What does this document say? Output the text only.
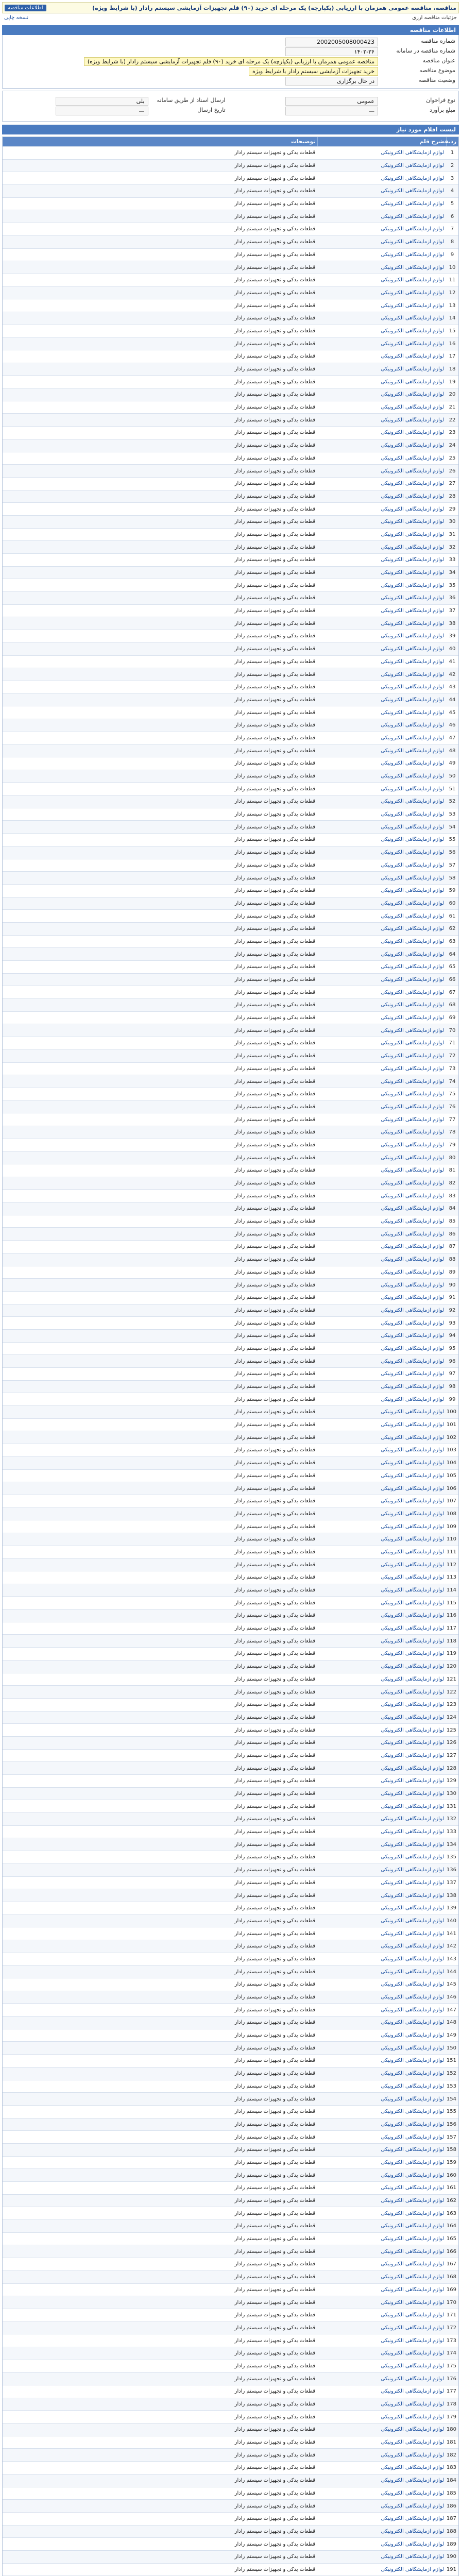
مناقصه، مناقصه عمومی همزمان با ارزیابی (یکپارچه) یک مرحله ای خرید (۹۰) قلم تجهیزات آزمایشی سیستم رادار (با شرایط ویژه)
اطلاعات مناقصه
جزئیات مناقصه ارزی
نسخه چاپی
اطلاعات مناقصه
شماره مناقصه
2002005008000423
شماره مناقصه در سامانه
۱۴۰۲-۳۶
عنوان مناقصه
مناقصه عمومی همزمان با ارزیابی (یکپارچه) یک مرحله ای خرید (۹۰) قلم تجهیزات آزمایشی سیستم رادار (با شرایط ویژه)
موضوع مناقصه
خرید تجهیزات آزمایشی سیستم رادار با شرایط ویژه
وضعیت مناقصه
در حال برگزاری
نوع فراخوان
عمومی
مبلغ برآورد
—
ارسال اسناد از طریق سامانه
بلی
تاریخ ارسال
—
لیست اقلام مورد نیاز
ردیف
شرح قلم
توضیحات
1
لوازم آزمایشگاهی الکترونیکی
قطعات یدکی و تجهیزات سیستم رادار
2
لوازم آزمایشگاهی الکترونیکی
قطعات یدکی و تجهیزات سیستم رادار
3
لوازم آزمایشگاهی الکترونیکی
قطعات یدکی و تجهیزات سیستم رادار
4
لوازم آزمایشگاهی الکترونیکی
قطعات یدکی و تجهیزات سیستم رادار
5
لوازم آزمایشگاهی الکترونیکی
قطعات یدکی و تجهیزات سیستم رادار
6
لوازم آزمایشگاهی الکترونیکی
قطعات یدکی و تجهیزات سیستم رادار
7
لوازم آزمایشگاهی الکترونیکی
قطعات یدکی و تجهیزات سیستم رادار
8
لوازم آزمایشگاهی الکترونیکی
قطعات یدکی و تجهیزات سیستم رادار
9
لوازم آزمایشگاهی الکترونیکی
قطعات یدکی و تجهیزات سیستم رادار
10
لوازم آزمایشگاهی الکترونیکی
قطعات یدکی و تجهیزات سیستم رادار
11
لوازم آزمایشگاهی الکترونیکی
قطعات یدکی و تجهیزات سیستم رادار
12
لوازم آزمایشگاهی الکترونیکی
قطعات یدکی و تجهیزات سیستم رادار
13
لوازم آزمایشگاهی الکترونیکی
قطعات یدکی و تجهیزات سیستم رادار
14
لوازم آزمایشگاهی الکترونیکی
قطعات یدکی و تجهیزات سیستم رادار
15
لوازم آزمایشگاهی الکترونیکی
قطعات یدکی و تجهیزات سیستم رادار
16
لوازم آزمایشگاهی الکترونیکی
قطعات یدکی و تجهیزات سیستم رادار
17
لوازم آزمایشگاهی الکترونیکی
قطعات یدکی و تجهیزات سیستم رادار
18
لوازم آزمایشگاهی الکترونیکی
قطعات یدکی و تجهیزات سیستم رادار
19
لوازم آزمایشگاهی الکترونیکی
قطعات یدکی و تجهیزات سیستم رادار
20
لوازم آزمایشگاهی الکترونیکی
قطعات یدکی و تجهیزات سیستم رادار
21
لوازم آزمایشگاهی الکترونیکی
قطعات یدکی و تجهیزات سیستم رادار
22
لوازم آزمایشگاهی الکترونیکی
قطعات یدکی و تجهیزات سیستم رادار
23
لوازم آزمایشگاهی الکترونیکی
قطعات یدکی و تجهیزات سیستم رادار
24
لوازم آزمایشگاهی الکترونیکی
قطعات یدکی و تجهیزات سیستم رادار
25
لوازم آزمایشگاهی الکترونیکی
قطعات یدکی و تجهیزات سیستم رادار
26
لوازم آزمایشگاهی الکترونیکی
قطعات یدکی و تجهیزات سیستم رادار
27
لوازم آزمایشگاهی الکترونیکی
قطعات یدکی و تجهیزات سیستم رادار
28
لوازم آزمایشگاهی الکترونیکی
قطعات یدکی و تجهیزات سیستم رادار
29
لوازم آزمایشگاهی الکترونیکی
قطعات یدکی و تجهیزات سیستم رادار
30
لوازم آزمایشگاهی الکترونیکی
قطعات یدکی و تجهیزات سیستم رادار
31
لوازم آزمایشگاهی الکترونیکی
قطعات یدکی و تجهیزات سیستم رادار
32
لوازم آزمایشگاهی الکترونیکی
قطعات یدکی و تجهیزات سیستم رادار
33
لوازم آزمایشگاهی الکترونیکی
قطعات یدکی و تجهیزات سیستم رادار
34
لوازم آزمایشگاهی الکترونیکی
قطعات یدکی و تجهیزات سیستم رادار
35
لوازم آزمایشگاهی الکترونیکی
قطعات یدکی و تجهیزات سیستم رادار
36
لوازم آزمایشگاهی الکترونیکی
قطعات یدکی و تجهیزات سیستم رادار
37
لوازم آزمایشگاهی الکترونیکی
قطعات یدکی و تجهیزات سیستم رادار
38
لوازم آزمایشگاهی الکترونیکی
قطعات یدکی و تجهیزات سیستم رادار
39
لوازم آزمایشگاهی الکترونیکی
قطعات یدکی و تجهیزات سیستم رادار
40
لوازم آزمایشگاهی الکترونیکی
قطعات یدکی و تجهیزات سیستم رادار
41
لوازم آزمایشگاهی الکترونیکی
قطعات یدکی و تجهیزات سیستم رادار
42
لوازم آزمایشگاهی الکترونیکی
قطعات یدکی و تجهیزات سیستم رادار
43
لوازم آزمایشگاهی الکترونیکی
قطعات یدکی و تجهیزات سیستم رادار
44
لوازم آزمایشگاهی الکترونیکی
قطعات یدکی و تجهیزات سیستم رادار
45
لوازم آزمایشگاهی الکترونیکی
قطعات یدکی و تجهیزات سیستم رادار
46
لوازم آزمایشگاهی الکترونیکی
قطعات یدکی و تجهیزات سیستم رادار
47
لوازم آزمایشگاهی الکترونیکی
قطعات یدکی و تجهیزات سیستم رادار
48
لوازم آزمایشگاهی الکترونیکی
قطعات یدکی و تجهیزات سیستم رادار
49
لوازم آزمایشگاهی الکترونیکی
قطعات یدکی و تجهیزات سیستم رادار
50
لوازم آزمایشگاهی الکترونیکی
قطعات یدکی و تجهیزات سیستم رادار
51
لوازم آزمایشگاهی الکترونیکی
قطعات یدکی و تجهیزات سیستم رادار
52
لوازم آزمایشگاهی الکترونیکی
قطعات یدکی و تجهیزات سیستم رادار
53
لوازم آزمایشگاهی الکترونیکی
قطعات یدکی و تجهیزات سیستم رادار
54
لوازم آزمایشگاهی الکترونیکی
قطعات یدکی و تجهیزات سیستم رادار
55
لوازم آزمایشگاهی الکترونیکی
قطعات یدکی و تجهیزات سیستم رادار
56
لوازم آزمایشگاهی الکترونیکی
قطعات یدکی و تجهیزات سیستم رادار
57
لوازم آزمایشگاهی الکترونیکی
قطعات یدکی و تجهیزات سیستم رادار
58
لوازم آزمایشگاهی الکترونیکی
قطعات یدکی و تجهیزات سیستم رادار
59
لوازم آزمایشگاهی الکترونیکی
قطعات یدکی و تجهیزات سیستم رادار
60
لوازم آزمایشگاهی الکترونیکی
قطعات یدکی و تجهیزات سیستم رادار
61
لوازم آزمایشگاهی الکترونیکی
قطعات یدکی و تجهیزات سیستم رادار
62
لوازم آزمایشگاهی الکترونیکی
قطعات یدکی و تجهیزات سیستم رادار
63
لوازم آزمایشگاهی الکترونیکی
قطعات یدکی و تجهیزات سیستم رادار
64
لوازم آزمایشگاهی الکترونیکی
قطعات یدکی و تجهیزات سیستم رادار
65
لوازم آزمایشگاهی الکترونیکی
قطعات یدکی و تجهیزات سیستم رادار
66
لوازم آزمایشگاهی الکترونیکی
قطعات یدکی و تجهیزات سیستم رادار
67
لوازم آزمایشگاهی الکترونیکی
قطعات یدکی و تجهیزات سیستم رادار
68
لوازم آزمایشگاهی الکترونیکی
قطعات یدکی و تجهیزات سیستم رادار
69
لوازم آزمایشگاهی الکترونیکی
قطعات یدکی و تجهیزات سیستم رادار
70
لوازم آزمایشگاهی الکترونیکی
قطعات یدکی و تجهیزات سیستم رادار
71
لوازم آزمایشگاهی الکترونیکی
قطعات یدکی و تجهیزات سیستم رادار
72
لوازم آزمایشگاهی الکترونیکی
قطعات یدکی و تجهیزات سیستم رادار
73
لوازم آزمایشگاهی الکترونیکی
قطعات یدکی و تجهیزات سیستم رادار
74
لوازم آزمایشگاهی الکترونیکی
قطعات یدکی و تجهیزات سیستم رادار
75
لوازم آزمایشگاهی الکترونیکی
قطعات یدکی و تجهیزات سیستم رادار
76
لوازم آزمایشگاهی الکترونیکی
قطعات یدکی و تجهیزات سیستم رادار
77
لوازم آزمایشگاهی الکترونیکی
قطعات یدکی و تجهیزات سیستم رادار
78
لوازم آزمایشگاهی الکترونیکی
قطعات یدکی و تجهیزات سیستم رادار
79
لوازم آزمایشگاهی الکترونیکی
قطعات یدکی و تجهیزات سیستم رادار
80
لوازم آزمایشگاهی الکترونیکی
قطعات یدکی و تجهیزات سیستم رادار
81
لوازم آزمایشگاهی الکترونیکی
قطعات یدکی و تجهیزات سیستم رادار
82
لوازم آزمایشگاهی الکترونیکی
قطعات یدکی و تجهیزات سیستم رادار
83
لوازم آزمایشگاهی الکترونیکی
قطعات یدکی و تجهیزات سیستم رادار
84
لوازم آزمایشگاهی الکترونیکی
قطعات یدکی و تجهیزات سیستم رادار
85
لوازم آزمایشگاهی الکترونیکی
قطعات یدکی و تجهیزات سیستم رادار
86
لوازم آزمایشگاهی الکترونیکی
قطعات یدکی و تجهیزات سیستم رادار
87
لوازم آزمایشگاهی الکترونیکی
قطعات یدکی و تجهیزات سیستم رادار
88
لوازم آزمایشگاهی الکترونیکی
قطعات یدکی و تجهیزات سیستم رادار
89
لوازم آزمایشگاهی الکترونیکی
قطعات یدکی و تجهیزات سیستم رادار
90
لوازم آزمایشگاهی الکترونیکی
قطعات یدکی و تجهیزات سیستم رادار
91
لوازم آزمایشگاهی الکترونیکی
قطعات یدکی و تجهیزات سیستم رادار
92
لوازم آزمایشگاهی الکترونیکی
قطعات یدکی و تجهیزات سیستم رادار
93
لوازم آزمایشگاهی الکترونیکی
قطعات یدکی و تجهیزات سیستم رادار
94
لوازم آزمایشگاهی الکترونیکی
قطعات یدکی و تجهیزات سیستم رادار
95
لوازم آزمایشگاهی الکترونیکی
قطعات یدکی و تجهیزات سیستم رادار
96
لوازم آزمایشگاهی الکترونیکی
قطعات یدکی و تجهیزات سیستم رادار
97
لوازم آزمایشگاهی الکترونیکی
قطعات یدکی و تجهیزات سیستم رادار
98
لوازم آزمایشگاهی الکترونیکی
قطعات یدکی و تجهیزات سیستم رادار
99
لوازم آزمایشگاهی الکترونیکی
قطعات یدکی و تجهیزات سیستم رادار
100
لوازم آزمایشگاهی الکترونیکی
قطعات یدکی و تجهیزات سیستم رادار
101
لوازم آزمایشگاهی الکترونیکی
قطعات یدکی و تجهیزات سیستم رادار
102
لوازم آزمایشگاهی الکترونیکی
قطعات یدکی و تجهیزات سیستم رادار
103
لوازم آزمایشگاهی الکترونیکی
قطعات یدکی و تجهیزات سیستم رادار
104
لوازم آزمایشگاهی الکترونیکی
قطعات یدکی و تجهیزات سیستم رادار
105
لوازم آزمایشگاهی الکترونیکی
قطعات یدکی و تجهیزات سیستم رادار
106
لوازم آزمایشگاهی الکترونیکی
قطعات یدکی و تجهیزات سیستم رادار
107
لوازم آزمایشگاهی الکترونیکی
قطعات یدکی و تجهیزات سیستم رادار
108
لوازم آزمایشگاهی الکترونیکی
قطعات یدکی و تجهیزات سیستم رادار
109
لوازم آزمایشگاهی الکترونیکی
قطعات یدکی و تجهیزات سیستم رادار
110
لوازم آزمایشگاهی الکترونیکی
قطعات یدکی و تجهیزات سیستم رادار
111
لوازم آزمایشگاهی الکترونیکی
قطعات یدکی و تجهیزات سیستم رادار
112
لوازم آزمایشگاهی الکترونیکی
قطعات یدکی و تجهیزات سیستم رادار
113
لوازم آزمایشگاهی الکترونیکی
قطعات یدکی و تجهیزات سیستم رادار
114
لوازم آزمایشگاهی الکترونیکی
قطعات یدکی و تجهیزات سیستم رادار
115
لوازم آزمایشگاهی الکترونیکی
قطعات یدکی و تجهیزات سیستم رادار
116
لوازم آزمایشگاهی الکترونیکی
قطعات یدکی و تجهیزات سیستم رادار
117
لوازم آزمایشگاهی الکترونیکی
قطعات یدکی و تجهیزات سیستم رادار
118
لوازم آزمایشگاهی الکترونیکی
قطعات یدکی و تجهیزات سیستم رادار
119
لوازم آزمایشگاهی الکترونیکی
قطعات یدکی و تجهیزات سیستم رادار
120
لوازم آزمایشگاهی الکترونیکی
قطعات یدکی و تجهیزات سیستم رادار
121
لوازم آزمایشگاهی الکترونیکی
قطعات یدکی و تجهیزات سیستم رادار
122
لوازم آزمایشگاهی الکترونیکی
قطعات یدکی و تجهیزات سیستم رادار
123
لوازم آزمایشگاهی الکترونیکی
قطعات یدکی و تجهیزات سیستم رادار
124
لوازم آزمایشگاهی الکترونیکی
قطعات یدکی و تجهیزات سیستم رادار
125
لوازم آزمایشگاهی الکترونیکی
قطعات یدکی و تجهیزات سیستم رادار
126
لوازم آزمایشگاهی الکترونیکی
قطعات یدکی و تجهیزات سیستم رادار
127
لوازم آزمایشگاهی الکترونیکی
قطعات یدکی و تجهیزات سیستم رادار
128
لوازم آزمایشگاهی الکترونیکی
قطعات یدکی و تجهیزات سیستم رادار
129
لوازم آزمایشگاهی الکترونیکی
قطعات یدکی و تجهیزات سیستم رادار
130
لوازم آزمایشگاهی الکترونیکی
قطعات یدکی و تجهیزات سیستم رادار
131
لوازم آزمایشگاهی الکترونیکی
قطعات یدکی و تجهیزات سیستم رادار
132
لوازم آزمایشگاهی الکترونیکی
قطعات یدکی و تجهیزات سیستم رادار
133
لوازم آزمایشگاهی الکترونیکی
قطعات یدکی و تجهیزات سیستم رادار
134
لوازم آزمایشگاهی الکترونیکی
قطعات یدکی و تجهیزات سیستم رادار
135
لوازم آزمایشگاهی الکترونیکی
قطعات یدکی و تجهیزات سیستم رادار
136
لوازم آزمایشگاهی الکترونیکی
قطعات یدکی و تجهیزات سیستم رادار
137
لوازم آزمایشگاهی الکترونیکی
قطعات یدکی و تجهیزات سیستم رادار
138
لوازم آزمایشگاهی الکترونیکی
قطعات یدکی و تجهیزات سیستم رادار
139
لوازم آزمایشگاهی الکترونیکی
قطعات یدکی و تجهیزات سیستم رادار
140
لوازم آزمایشگاهی الکترونیکی
قطعات یدکی و تجهیزات سیستم رادار
141
لوازم آزمایشگاهی الکترونیکی
قطعات یدکی و تجهیزات سیستم رادار
142
لوازم آزمایشگاهی الکترونیکی
قطعات یدکی و تجهیزات سیستم رادار
143
لوازم آزمایشگاهی الکترونیکی
قطعات یدکی و تجهیزات سیستم رادار
144
لوازم آزمایشگاهی الکترونیکی
قطعات یدکی و تجهیزات سیستم رادار
145
لوازم آزمایشگاهی الکترونیکی
قطعات یدکی و تجهیزات سیستم رادار
146
لوازم آزمایشگاهی الکترونیکی
قطعات یدکی و تجهیزات سیستم رادار
147
لوازم آزمایشگاهی الکترونیکی
قطعات یدکی و تجهیزات سیستم رادار
148
لوازم آزمایشگاهی الکترونیکی
قطعات یدکی و تجهیزات سیستم رادار
149
لوازم آزمایشگاهی الکترونیکی
قطعات یدکی و تجهیزات سیستم رادار
150
لوازم آزمایشگاهی الکترونیکی
قطعات یدکی و تجهیزات سیستم رادار
151
لوازم آزمایشگاهی الکترونیکی
قطعات یدکی و تجهیزات سیستم رادار
152
لوازم آزمایشگاهی الکترونیکی
قطعات یدکی و تجهیزات سیستم رادار
153
لوازم آزمایشگاهی الکترونیکی
قطعات یدکی و تجهیزات سیستم رادار
154
لوازم آزمایشگاهی الکترونیکی
قطعات یدکی و تجهیزات سیستم رادار
155
لوازم آزمایشگاهی الکترونیکی
قطعات یدکی و تجهیزات سیستم رادار
156
لوازم آزمایشگاهی الکترونیکی
قطعات یدکی و تجهیزات سیستم رادار
157
لوازم آزمایشگاهی الکترونیکی
قطعات یدکی و تجهیزات سیستم رادار
158
لوازم آزمایشگاهی الکترونیکی
قطعات یدکی و تجهیزات سیستم رادار
159
لوازم آزمایشگاهی الکترونیکی
قطعات یدکی و تجهیزات سیستم رادار
160
لوازم آزمایشگاهی الکترونیکی
قطعات یدکی و تجهیزات سیستم رادار
161
لوازم آزمایشگاهی الکترونیکی
قطعات یدکی و تجهیزات سیستم رادار
162
لوازم آزمایشگاهی الکترونیکی
قطعات یدکی و تجهیزات سیستم رادار
163
لوازم آزمایشگاهی الکترونیکی
قطعات یدکی و تجهیزات سیستم رادار
164
لوازم آزمایشگاهی الکترونیکی
قطعات یدکی و تجهیزات سیستم رادار
165
لوازم آزمایشگاهی الکترونیکی
قطعات یدکی و تجهیزات سیستم رادار
166
لوازم آزمایشگاهی الکترونیکی
قطعات یدکی و تجهیزات سیستم رادار
167
لوازم آزمایشگاهی الکترونیکی
قطعات یدکی و تجهیزات سیستم رادار
168
لوازم آزمایشگاهی الکترونیکی
قطعات یدکی و تجهیزات سیستم رادار
169
لوازم آزمایشگاهی الکترونیکی
قطعات یدکی و تجهیزات سیستم رادار
170
لوازم آزمایشگاهی الکترونیکی
قطعات یدکی و تجهیزات سیستم رادار
171
لوازم آزمایشگاهی الکترونیکی
قطعات یدکی و تجهیزات سیستم رادار
172
لوازم آزمایشگاهی الکترونیکی
قطعات یدکی و تجهیزات سیستم رادار
173
لوازم آزمایشگاهی الکترونیکی
قطعات یدکی و تجهیزات سیستم رادار
174
لوازم آزمایشگاهی الکترونیکی
قطعات یدکی و تجهیزات سیستم رادار
175
لوازم آزمایشگاهی الکترونیکی
قطعات یدکی و تجهیزات سیستم رادار
176
لوازم آزمایشگاهی الکترونیکی
قطعات یدکی و تجهیزات سیستم رادار
177
لوازم آزمایشگاهی الکترونیکی
قطعات یدکی و تجهیزات سیستم رادار
178
لوازم آزمایشگاهی الکترونیکی
قطعات یدکی و تجهیزات سیستم رادار
179
لوازم آزمایشگاهی الکترونیکی
قطعات یدکی و تجهیزات سیستم رادار
180
لوازم آزمایشگاهی الکترونیکی
قطعات یدکی و تجهیزات سیستم رادار
181
لوازم آزمایشگاهی الکترونیکی
قطعات یدکی و تجهیزات سیستم رادار
182
لوازم آزمایشگاهی الکترونیکی
قطعات یدکی و تجهیزات سیستم رادار
183
لوازم آزمایشگاهی الکترونیکی
قطعات یدکی و تجهیزات سیستم رادار
184
لوازم آزمایشگاهی الکترونیکی
قطعات یدکی و تجهیزات سیستم رادار
185
لوازم آزمایشگاهی الکترونیکی
قطعات یدکی و تجهیزات سیستم رادار
186
لوازم آزمایشگاهی الکترونیکی
قطعات یدکی و تجهیزات سیستم رادار
187
لوازم آزمایشگاهی الکترونیکی
قطعات یدکی و تجهیزات سیستم رادار
188
لوازم آزمایشگاهی الکترونیکی
قطعات یدکی و تجهیزات سیستم رادار
189
لوازم آزمایشگاهی الکترونیکی
قطعات یدکی و تجهیزات سیستم رادار
190
لوازم آزمایشگاهی الکترونیکی
قطعات یدکی و تجهیزات سیستم رادار
191
لوازم آزمایشگاهی الکترونیکی
قطعات یدکی و تجهیزات سیستم رادار
